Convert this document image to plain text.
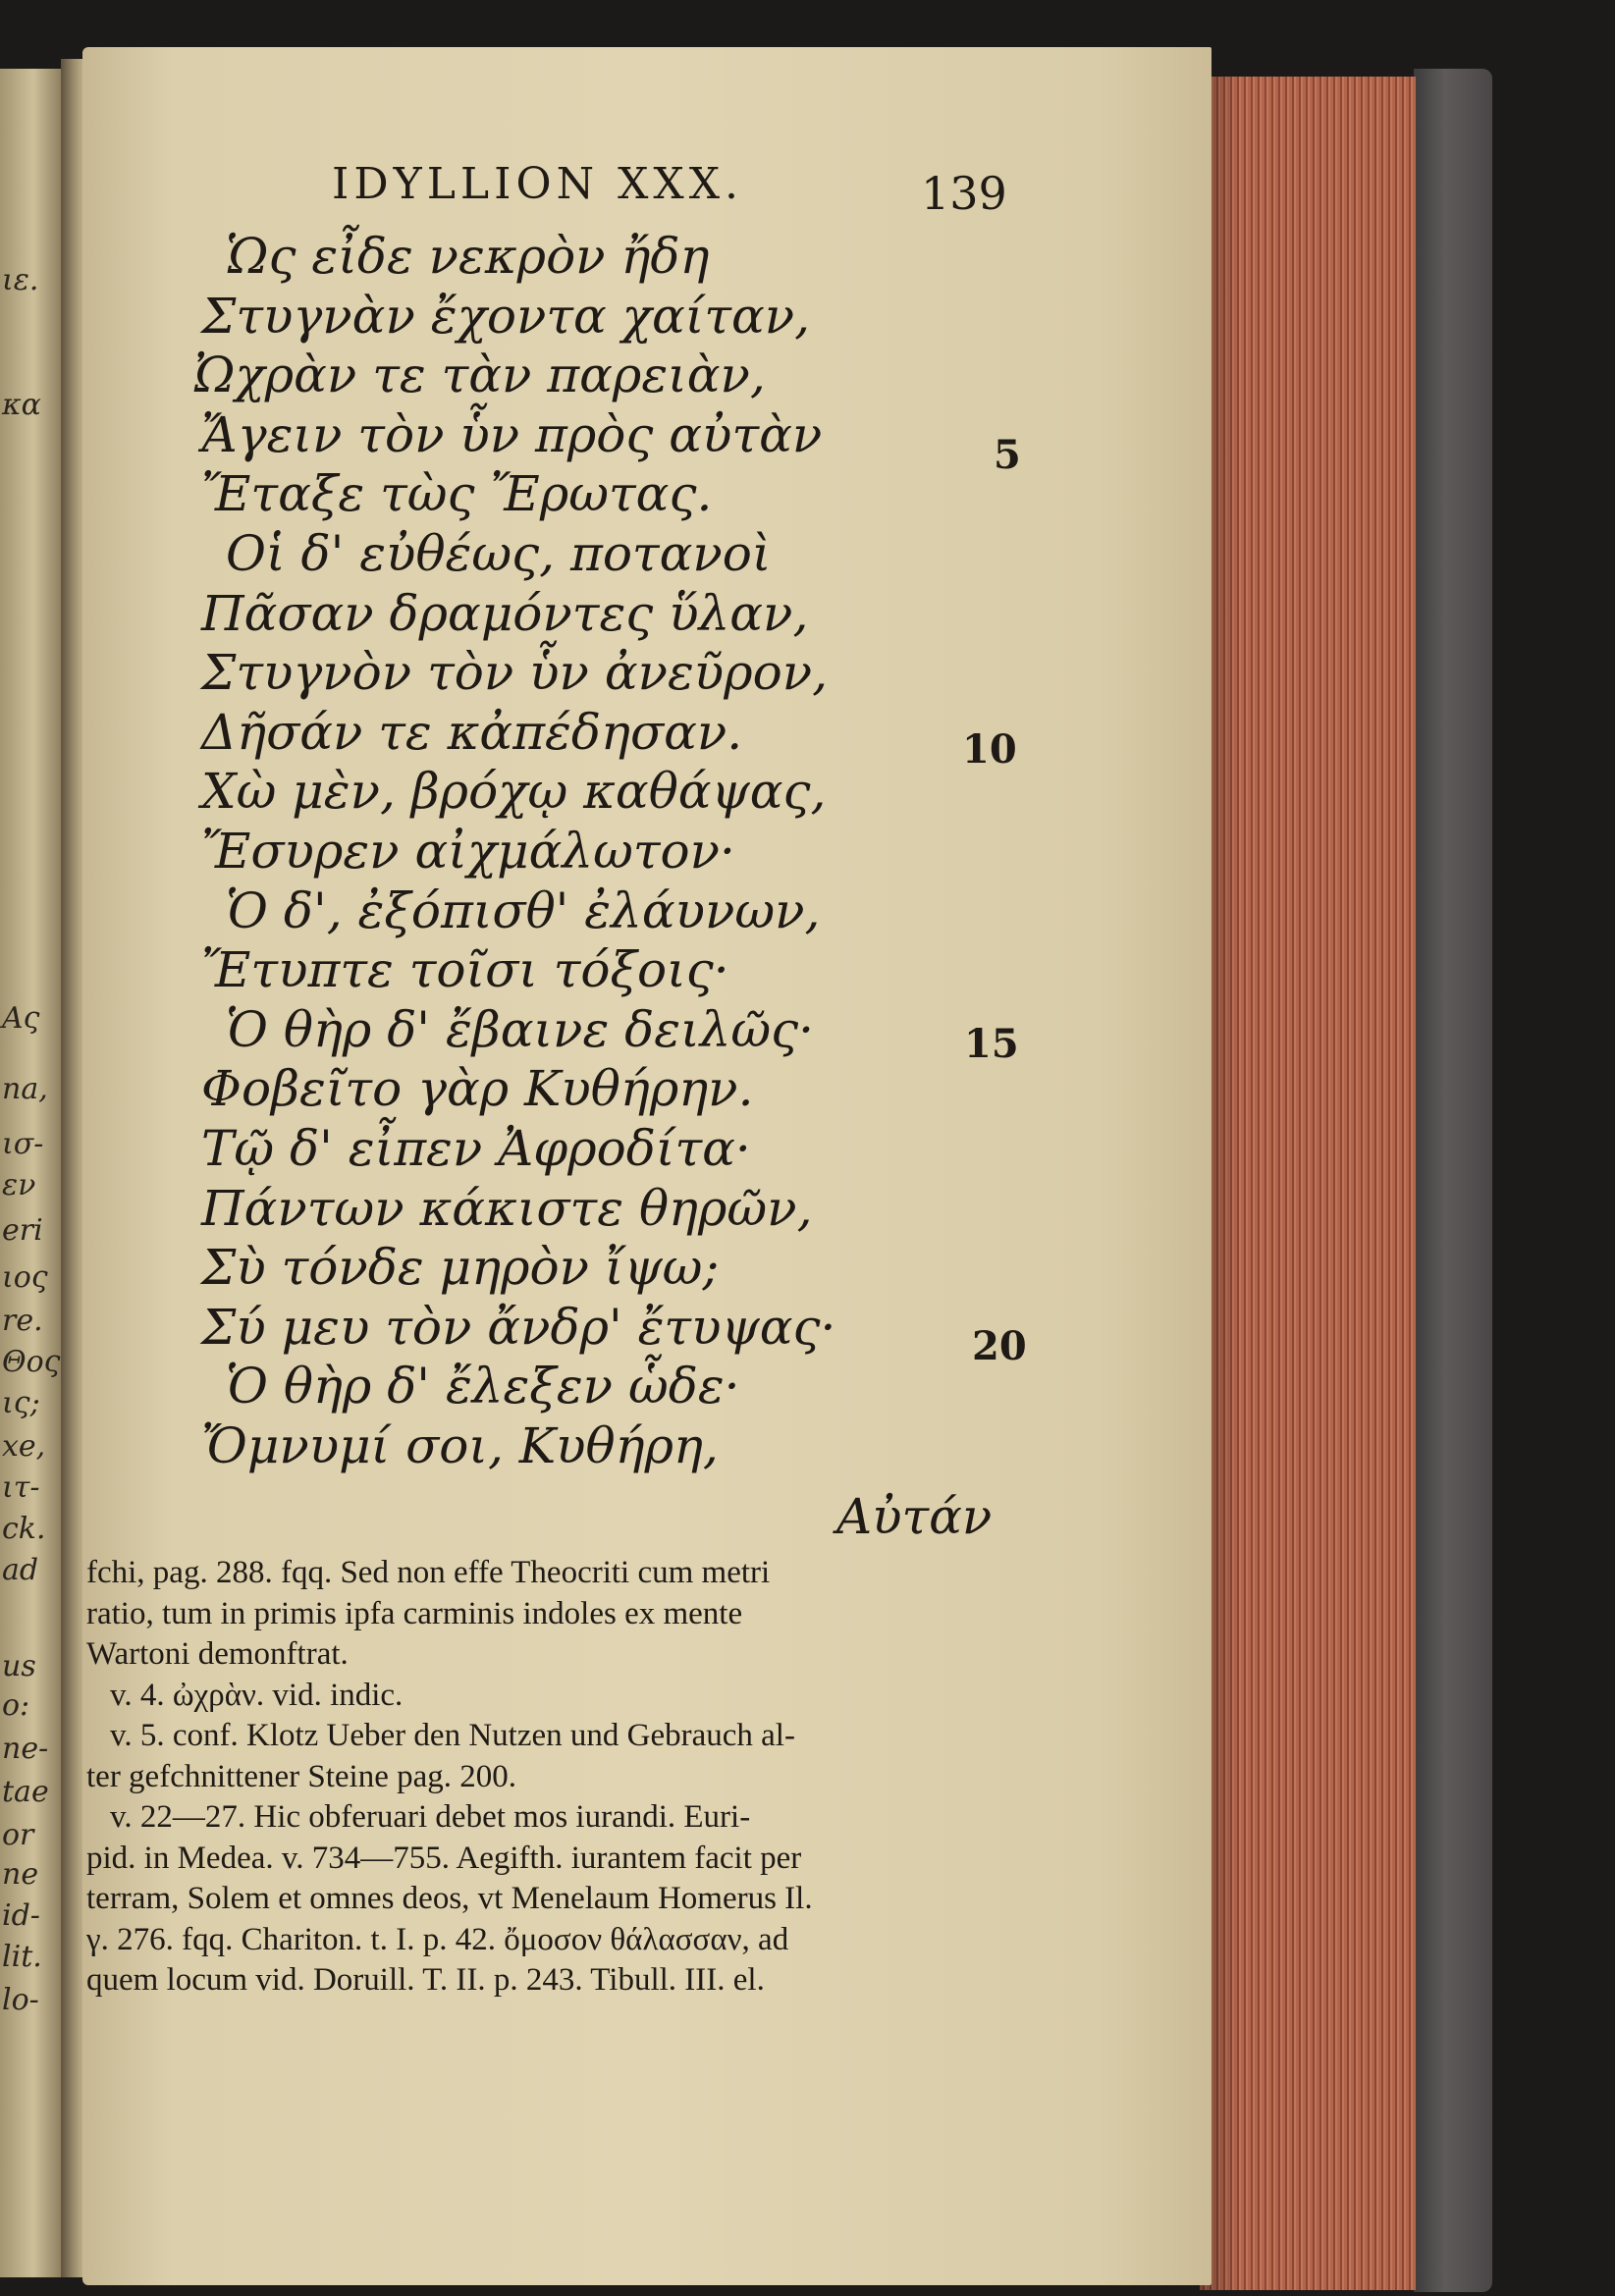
ιε.
κα
Ας
na,
ισ-
εν
eri
ιος
re.
Θος
ις;
xe,
ιτ-
ck.
ad
us
o:
ne-
tae
or
ne
id-
lit.
lo-
IDYLLION XXX.	139
Ὡς εἶδε νεκρὸν ἤδη
Στυγνὰν ἔχοντα χαίταν,
Ὠχρὰν τε τὰν παρειὰν,
Ἄγειν τὸν ὗν πρὸς αὐτὰν
Ἔταξε τὼς Ἔρωτας.
Οἱ δ' εὐθέως, ποτανοὶ
Πᾶσαν δραμόντες ὕλαν,
Στυγνὸν τὸν ὗν ἀνεῦρον,
Δῆσάν τε κἀπέδησαν.
Χὼ μὲν, βρόχῳ καθάψας,
Ἔσυρεν αἰχμάλωτον·
Ὁ δ', ἐξόπισθ' ἐλάυνων,
Ἔτυπτε τοῖσι τόξοις·
Ὁ θὴρ δ' ἔβαινε δειλῶς·
Φοβεῖτο γὰρ Κυθήρην.
Τῷ δ' εἶπεν Ἀφροδίτα·
Πάντων κάκιστε θηρῶν,
Σὺ τόνδε μηρὸν ἴψω;
Σύ μευ τὸν ἄνδρ' ἔτυψας·
Ὁ θὴρ δ' ἔλεξεν ὧδε·
Ὄμνυμί σοι, Κυθήρη,
5
10
15
20
Αὐτάν
fchi, pag. 288. fqq. Sed non effe Theocriti cum metri
ratio, tum in primis ipfa carminis indoles ex mente
Wartoni demonftrat.
v. 4. ὠχρὰν. vid. indic.
v. 5. conf. Klotz Ueber den Nutzen und Gebrauch al-
ter gefchnittener Steine pag. 200.
v. 22—27. Hic obferuari debet mos iurandi. Euri-
pid. in Medea. v. 734—755. Aegifth. iurantem facit per
terram, Solem et omnes deos, vt Menelaum Homerus Il.
γ. 276. fqq. Chariton. t. I. p. 42. ὄμοσον θάλασσαν, ad
quem locum vid. Doruill. T. II. p. 243. Tibull. III. el.
